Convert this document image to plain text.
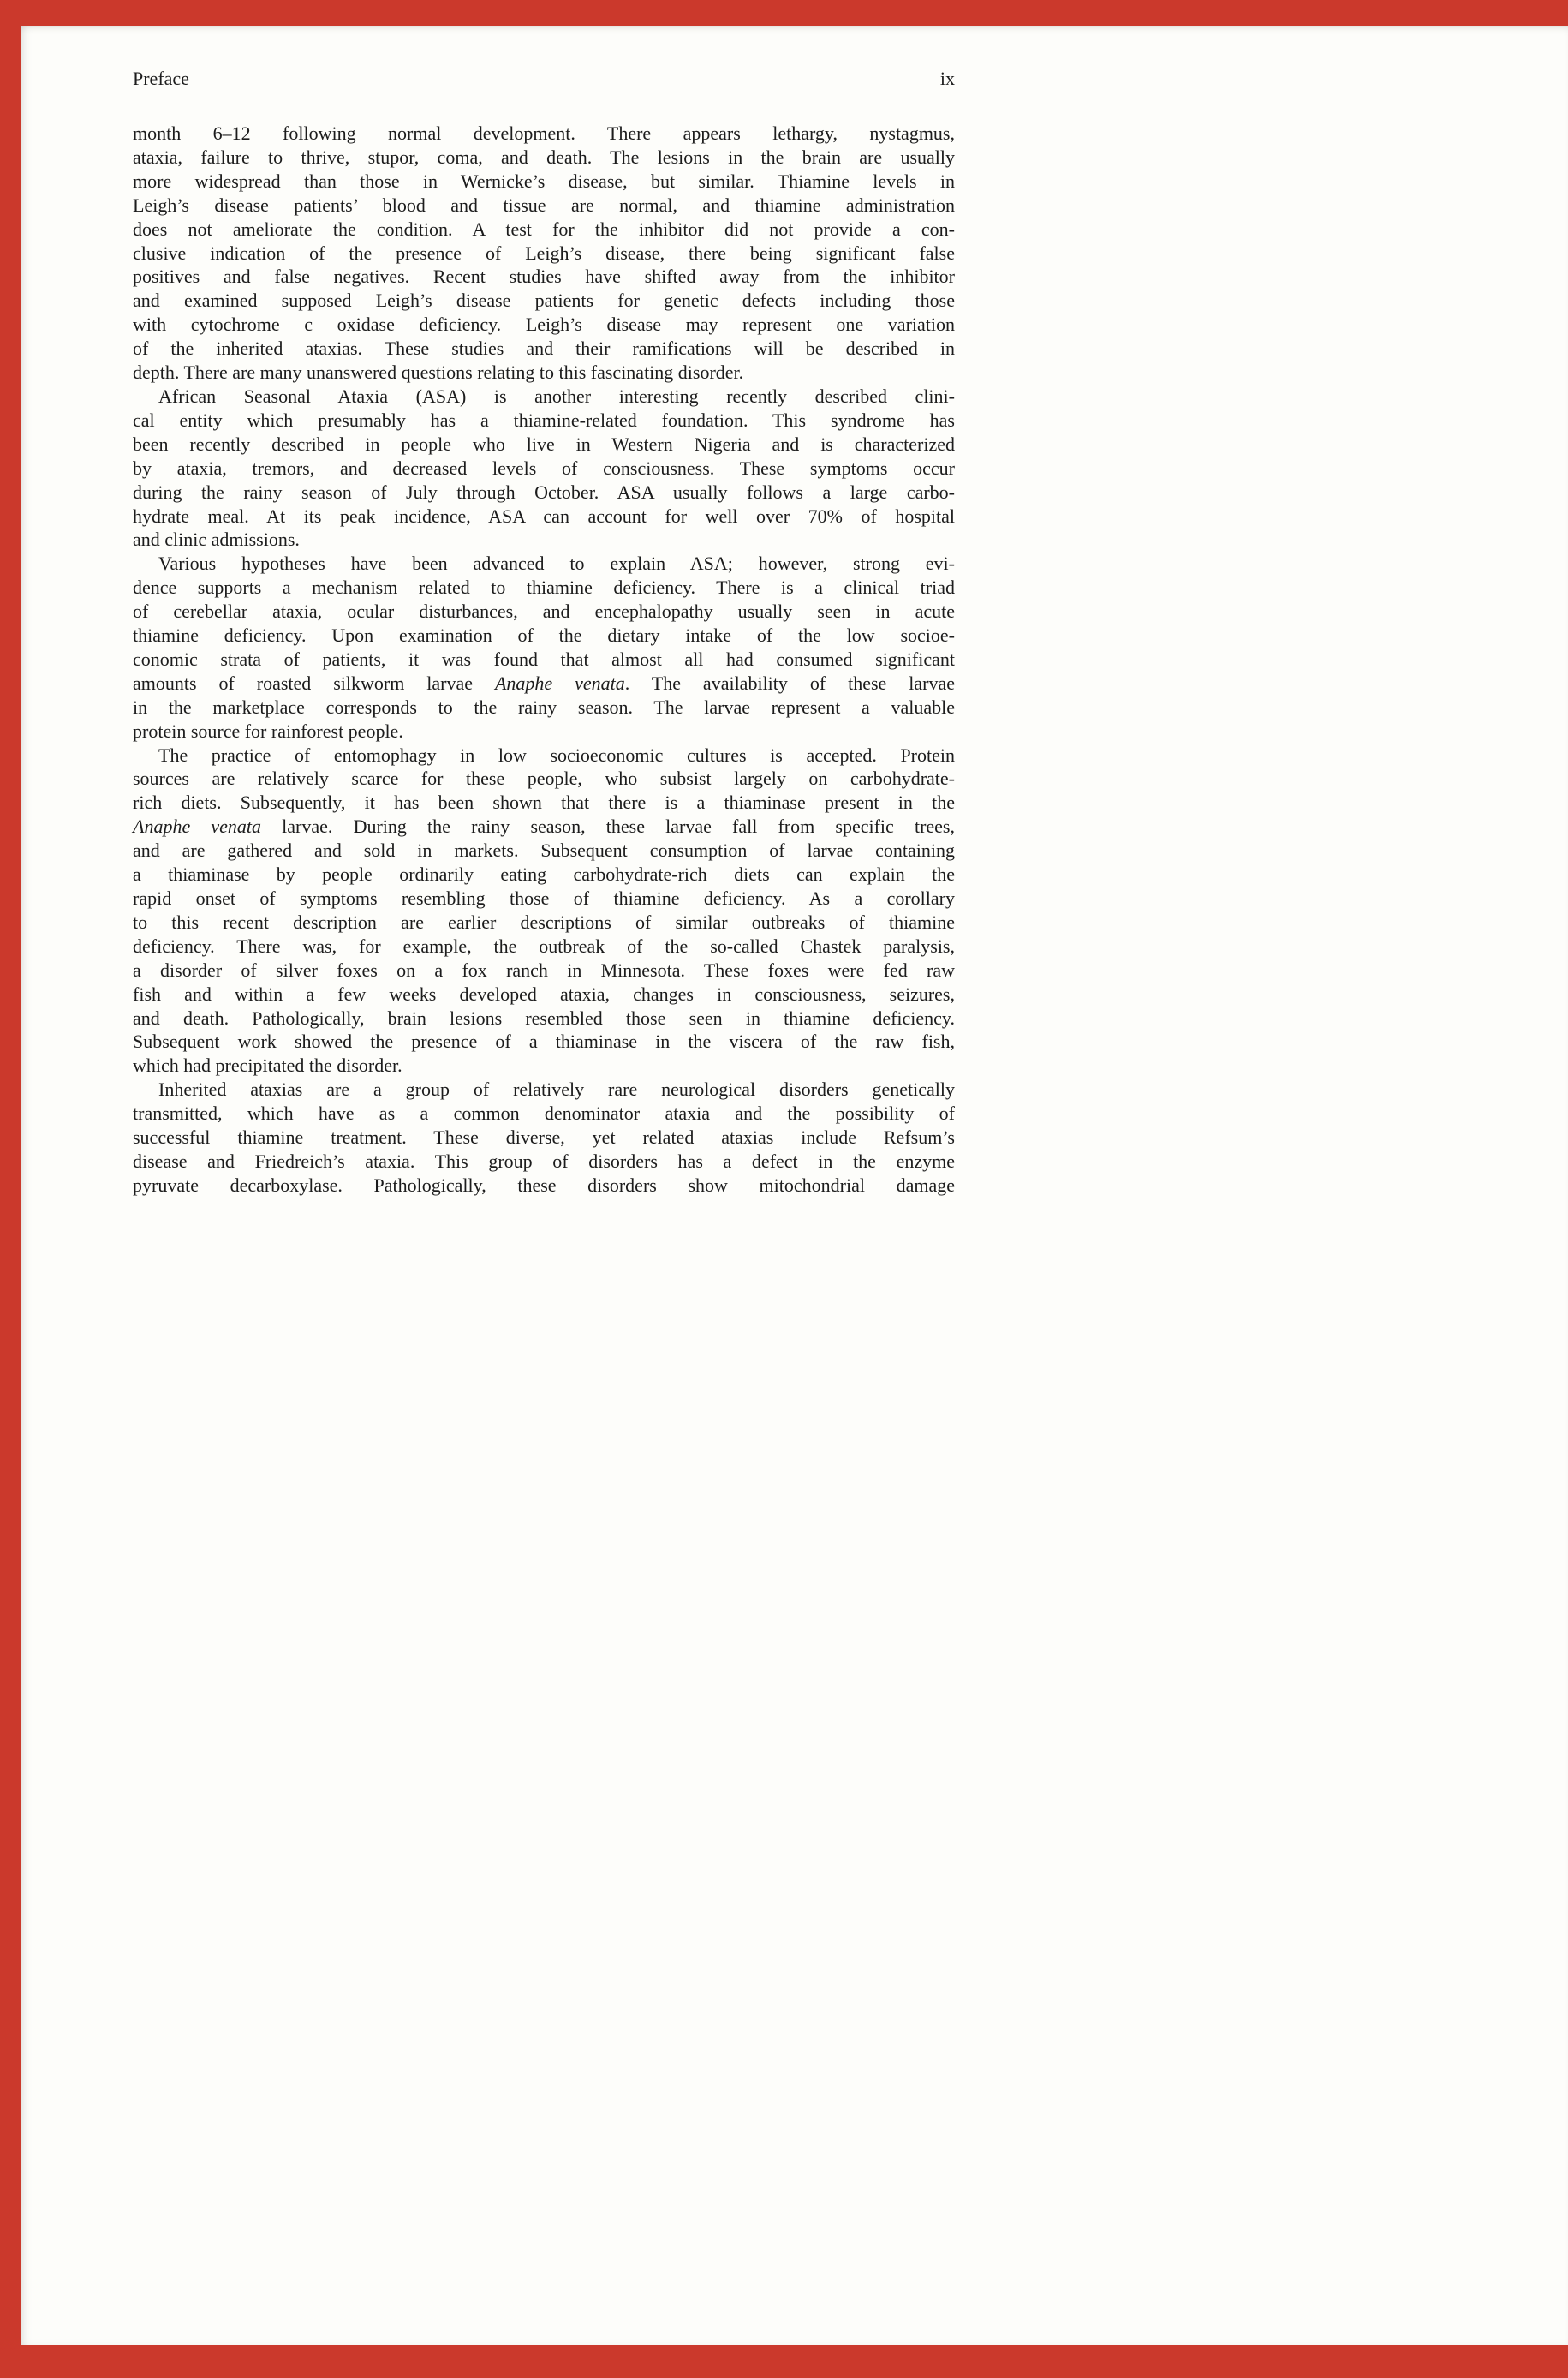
Preface	ix
month 6–12 following normal development. There appears lethargy, nystagmus,
ataxia, failure to thrive, stupor, coma, and death. The lesions in the brain are usually
more widespread than those in Wernicke’s disease, but similar. Thiamine levels in
Leigh’s disease patients’ blood and tissue are normal, and thiamine administration
does not ameliorate the condition. A test for the inhibitor did not provide a con-
clusive indication of the presence of Leigh’s disease, there being significant false
positives and false negatives. Recent studies have shifted away from the inhibitor
and examined supposed Leigh’s disease patients for genetic defects including those
with cytochrome c oxidase deficiency. Leigh’s disease may represent one variation
of the inherited ataxias. These studies and their ramifications will be described in
depth. There are many unanswered questions relating to this fascinating disorder.
African Seasonal Ataxia (ASA) is another interesting recently described clini-
cal entity which presumably has a thiamine-related foundation. This syndrome has
been recently described in people who live in Western Nigeria and is characterized
by ataxia, tremors, and decreased levels of consciousness. These symptoms occur
during the rainy season of July through October. ASA usually follows a large carbo-
hydrate meal. At its peak incidence, ASA can account for well over 70% of hospital
and clinic admissions.
Various hypotheses have been advanced to explain ASA; however, strong evi-
dence supports a mechanism related to thiamine deficiency. There is a clinical triad
of cerebellar ataxia, ocular disturbances, and encephalopathy usually seen in acute
thiamine deficiency. Upon examination of the dietary intake of the low socioe-
conomic strata of patients, it was found that almost all had consumed significant
amounts of roasted silkworm larvae Anaphe venata. The availability of these larvae
in the marketplace corresponds to the rainy season. The larvae represent a valuable
protein source for rainforest people.
The practice of entomophagy in low socioeconomic cultures is accepted. Protein
sources are relatively scarce for these people, who subsist largely on carbohydrate-
rich diets. Subsequently, it has been shown that there is a thiaminase present in the
Anaphe venata larvae. During the rainy season, these larvae fall from specific trees,
and are gathered and sold in markets. Subsequent consumption of larvae containing
a thiaminase by people ordinarily eating carbohydrate-rich diets can explain the
rapid onset of symptoms resembling those of thiamine deficiency. As a corollary
to this recent description are earlier descriptions of similar outbreaks of thiamine
deficiency. There was, for example, the outbreak of the so-called Chastek paralysis,
a disorder of silver foxes on a fox ranch in Minnesota. These foxes were fed raw
fish and within a few weeks developed ataxia, changes in consciousness, seizures,
and death. Pathologically, brain lesions resembled those seen in thiamine deficiency.
Subsequent work showed the presence of a thiaminase in the viscera of the raw fish,
which had precipitated the disorder.
Inherited ataxias are a group of relatively rare neurological disorders genetically
transmitted, which have as a common denominator ataxia and the possibility of
successful thiamine treatment. These diverse, yet related ataxias include Refsum’s
disease and Friedreich’s ataxia. This group of disorders has a defect in the enzyme
pyruvate decarboxylase. Pathologically, these disorders show mitochondrial damage
